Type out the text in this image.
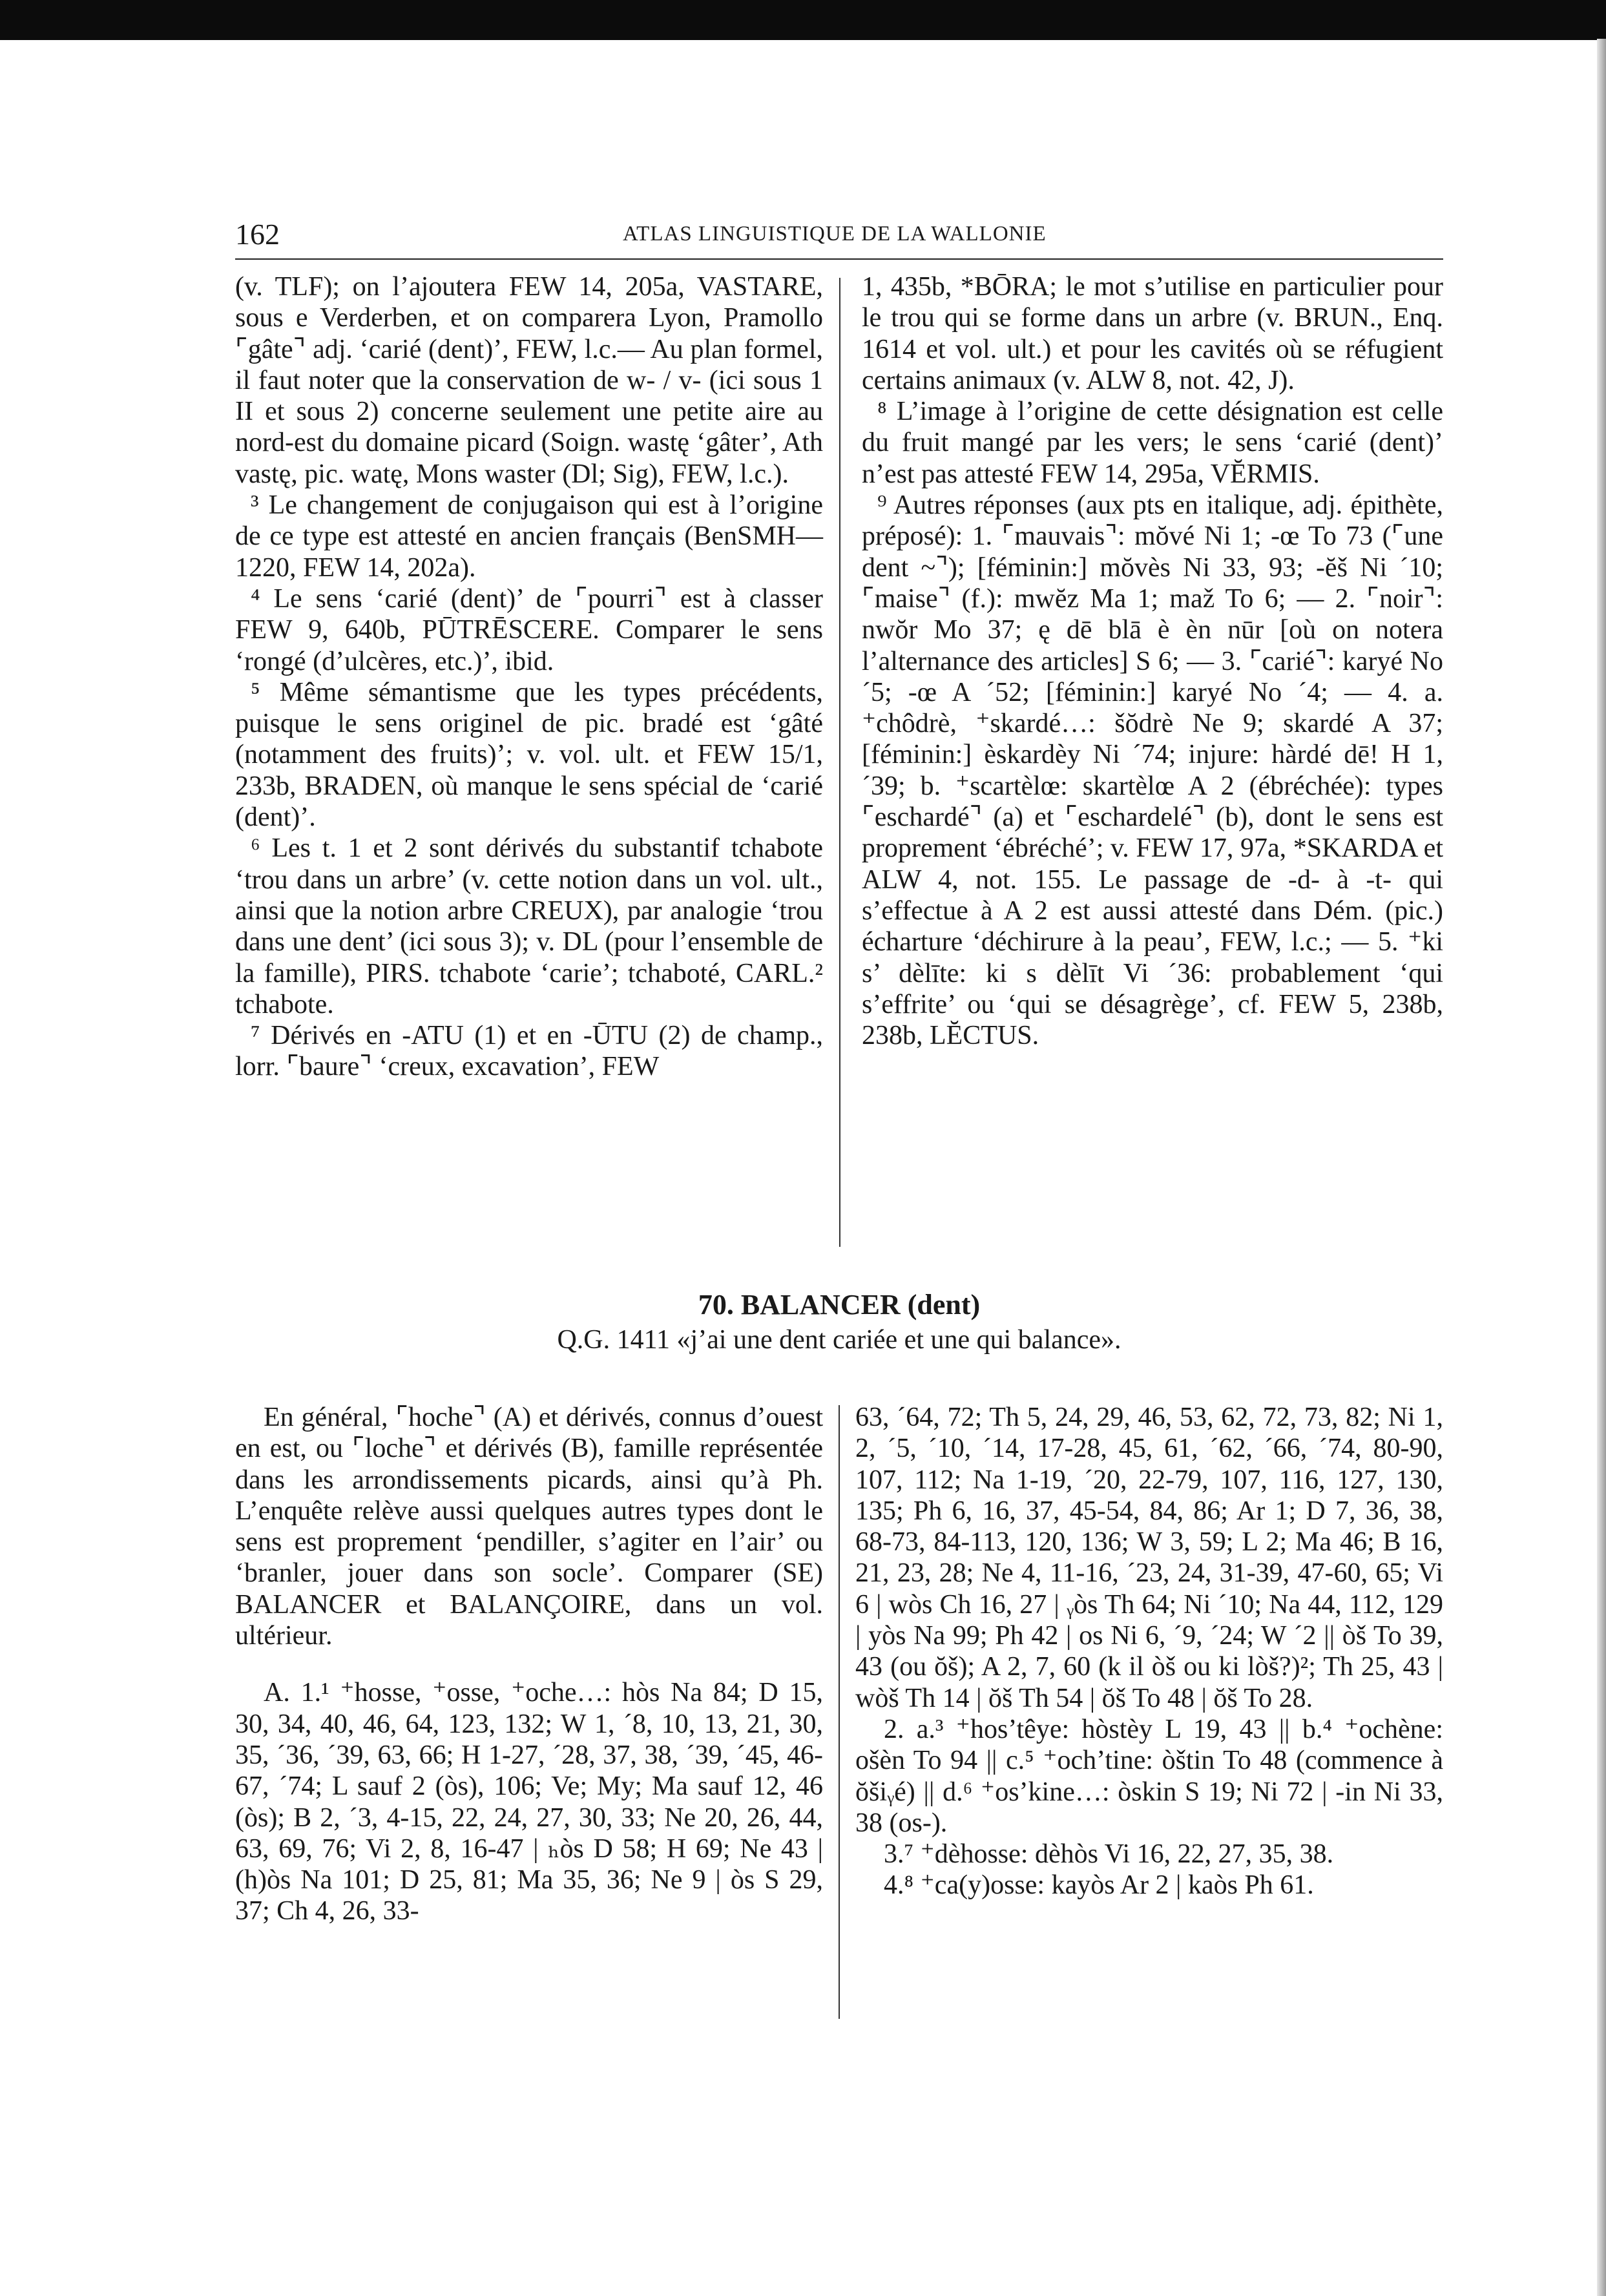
162	ATLAS LINGUISTIQUE DE LA WALLONIE

(v. TLF); on l’ajoutera FEW 14, 205a, VASTARE, sous e Verderben, et on comparera Lyon, Pramollo ⌜gâte⌝ adj. ‘carié (dent)’, FEW, l.c.— Au plan formel, il faut noter que la conservation de w- / v- (ici sous 1 II et sous 2) concerne seulement une petite aire au nord-est du domaine picard (Soign. wastę ‘gâter’, Ath vastę, pic. watę, Mons waster (Dl; Sig), FEW, l.c.).

³ Le changement de conjugaison qui est à l’origine de ce type est attesté en ancien français (BenSMH—1220, FEW 14, 202a).

⁴ Le sens ‘carié (dent)’ de ⌜pourri⌝ est à classer FEW 9, 640b, PŪTRĒSCERE. Comparer le sens ‘rongé (d’ulcères, etc.)’, ibid.

⁵ Même sémantisme que les types précédents, puisque le sens originel de pic. bradé est ‘gâté (notamment des fruits)’; v. vol. ult. et FEW 15/1, 233b, BRADEN, où manque le sens spécial de ‘carié (dent)’.

⁶ Les t. 1 et 2 sont dérivés du substantif tchabote ‘trou dans un arbre’ (v. cette notion dans un vol. ult., ainsi que la notion arbre CREUX), par analogie ‘trou dans une dent’ (ici sous 3); v. DL (pour l’ensemble de la famille), PIRS. tchabote ‘carie’; tchaboté, CARL.² tchabote.

⁷ Dérivés en -ATU (1) et en -ŪTU (2) de champ., lorr. ⌜baure⌝ ‘creux, excavation’, FEW

1, 435b, *BŌRA; le mot s’utilise en particulier pour le trou qui se forme dans un arbre (v. BRUN., Enq. 1614 et vol. ult.) et pour les cavités où se réfugient certains animaux (v. ALW 8, not. 42, J).

⁸ L’image à l’origine de cette désignation est celle du fruit mangé par les vers; le sens ‘carié (dent)’ n’est pas attesté FEW 14, 295a, VĔRMIS.

⁹ Autres réponses (aux pts en italique, adj. épithète, préposé): 1. ⌜mauvais⌝: mŏvé Ni 1; -œ To 73 (⌜une dent ~⌝); [féminin:] mŏvès Ni 33, 93; -ĕš Ni ´10; ⌜maise⌝ (f.): mwĕz Ma 1; maž To 6; — 2. ⌜noir⌝: nwŏr Mo 37; ę dē blā è èn nūr [où on notera l’alternance des articles] S 6; — 3. ⌜carié⌝: karyé No ´5; -œ A ´52; [féminin:] karyé No ´4; — 4. a. ⁺chôdrè, ⁺skardé…: šŏdrè Ne 9; skardé A 37; [féminin:] èskardèy Ni ´74; injure: hàrdé dē! H 1, ´39; b. ⁺scartèlœ: skartèlœ A 2 (ébréchée): types ⌜eschardé⌝ (a) et ⌜eschardelé⌝ (b), dont le sens est proprement ‘ébréché’; v. FEW 17, 97a, *SKARDA et ALW 4, not. 155. Le passage de -d- à -t- qui s’effectue à A 2 est aussi attesté dans Dém. (pic.) écharture ‘déchirure à la peau’, FEW, l.c.; — 5. ⁺ki s’ dèlīte: ki s dèlīt Vi ´36: probablement ‘qui s’effrite’ ou ‘qui se désagrège’, cf. FEW 5, 238b, 238b, LĔCTUS.

70. BALANCER (dent)
Q.G. 1411 «j’ai une dent cariée et une qui balance».

En général, ⌜hoche⌝ (A) et dérivés, connus d’ouest en est, ou ⌜loche⌝ et dérivés (B), famille représentée dans les arrondissements picards, ainsi qu’à Ph. L’enquête relève aussi quelques autres types dont le sens est proprement ‘pendiller, s’agiter en l’air’ ou ‘branler, jouer dans son socle’. Comparer (SE) BALANCER et BALANÇOIRE, dans un vol. ultérieur.

A. 1.¹ ⁺hosse, ⁺osse, ⁺oche…: hòs Na 84; D 15, 30, 34, 40, 46, 64, 123, 132; W 1, ´8, 10, 13, 21, 30, 35, ´36, ´39, 63, 66; H 1-27, ´28, 37, 38, ´39, ´45, 46-67, ´74; L sauf 2 (òs), 106; Ve; My; Ma sauf 12, 46 (òs); B 2, ´3, 4-15, 22, 24, 27, 30, 33; Ne 20, 26, 44, 63, 69, 76; Vi 2, 8, 16-47 | ₕòs D 58; H 69; Ne 43 | (h)òs Na 101; D 25, 81; Ma 35, 36; Ne 9 | òs S 29, 37; Ch 4, 26, 33-

63, ´64, 72; Th 5, 24, 29, 46, 53, 62, 72, 73, 82; Ni 1, 2, ´5, ´10, ´14, 17-28, 45, 61, ´62, ´66, ´74, 80-90, 107, 112; Na 1-19, ´20, 22-79, 107, 116, 127, 130, 135; Ph 6, 16, 37, 45-54, 84, 86; Ar 1; D 7, 36, 38, 68-73, 84-113, 120, 136; W 3, 59; L 2; Ma 46; B 16, 21, 23, 28; Ne 4, 11-16, ´23, 24, 31-39, 47-60, 65; Vi 6 | wòs Ch 16, 27 | ᵧòs Th 64; Ni ´10; Na 44, 112, 129 | yòs Na 99; Ph 42 | os Ni 6, ´9, ´24; W ´2 || òš To 39, 43 (ou ŏš); A 2, 7, 60 (k il òš ou ki lòš?)²; Th 25, 43 | wòš Th 14 | ŏš Th 54 | ŏš To 48 | ŏš To 28.

2. a.³ ⁺hos’têye: hòstèy L 19, 43 || b.⁴ ⁺ochène: ošèn To 94 || c.⁵ ⁺och’tine: òštin To 48 (commence à ŏšiᵧé) || d.⁶ ⁺os’kine…: òskin S 19; Ni 72 | -in Ni 33, 38 (os-).

3.⁷ ⁺dèhosse: dèhòs Vi 16, 22, 27, 35, 38.

4.⁸ ⁺ca(y)osse: kayòs Ar 2 | kaòs Ph 61.
